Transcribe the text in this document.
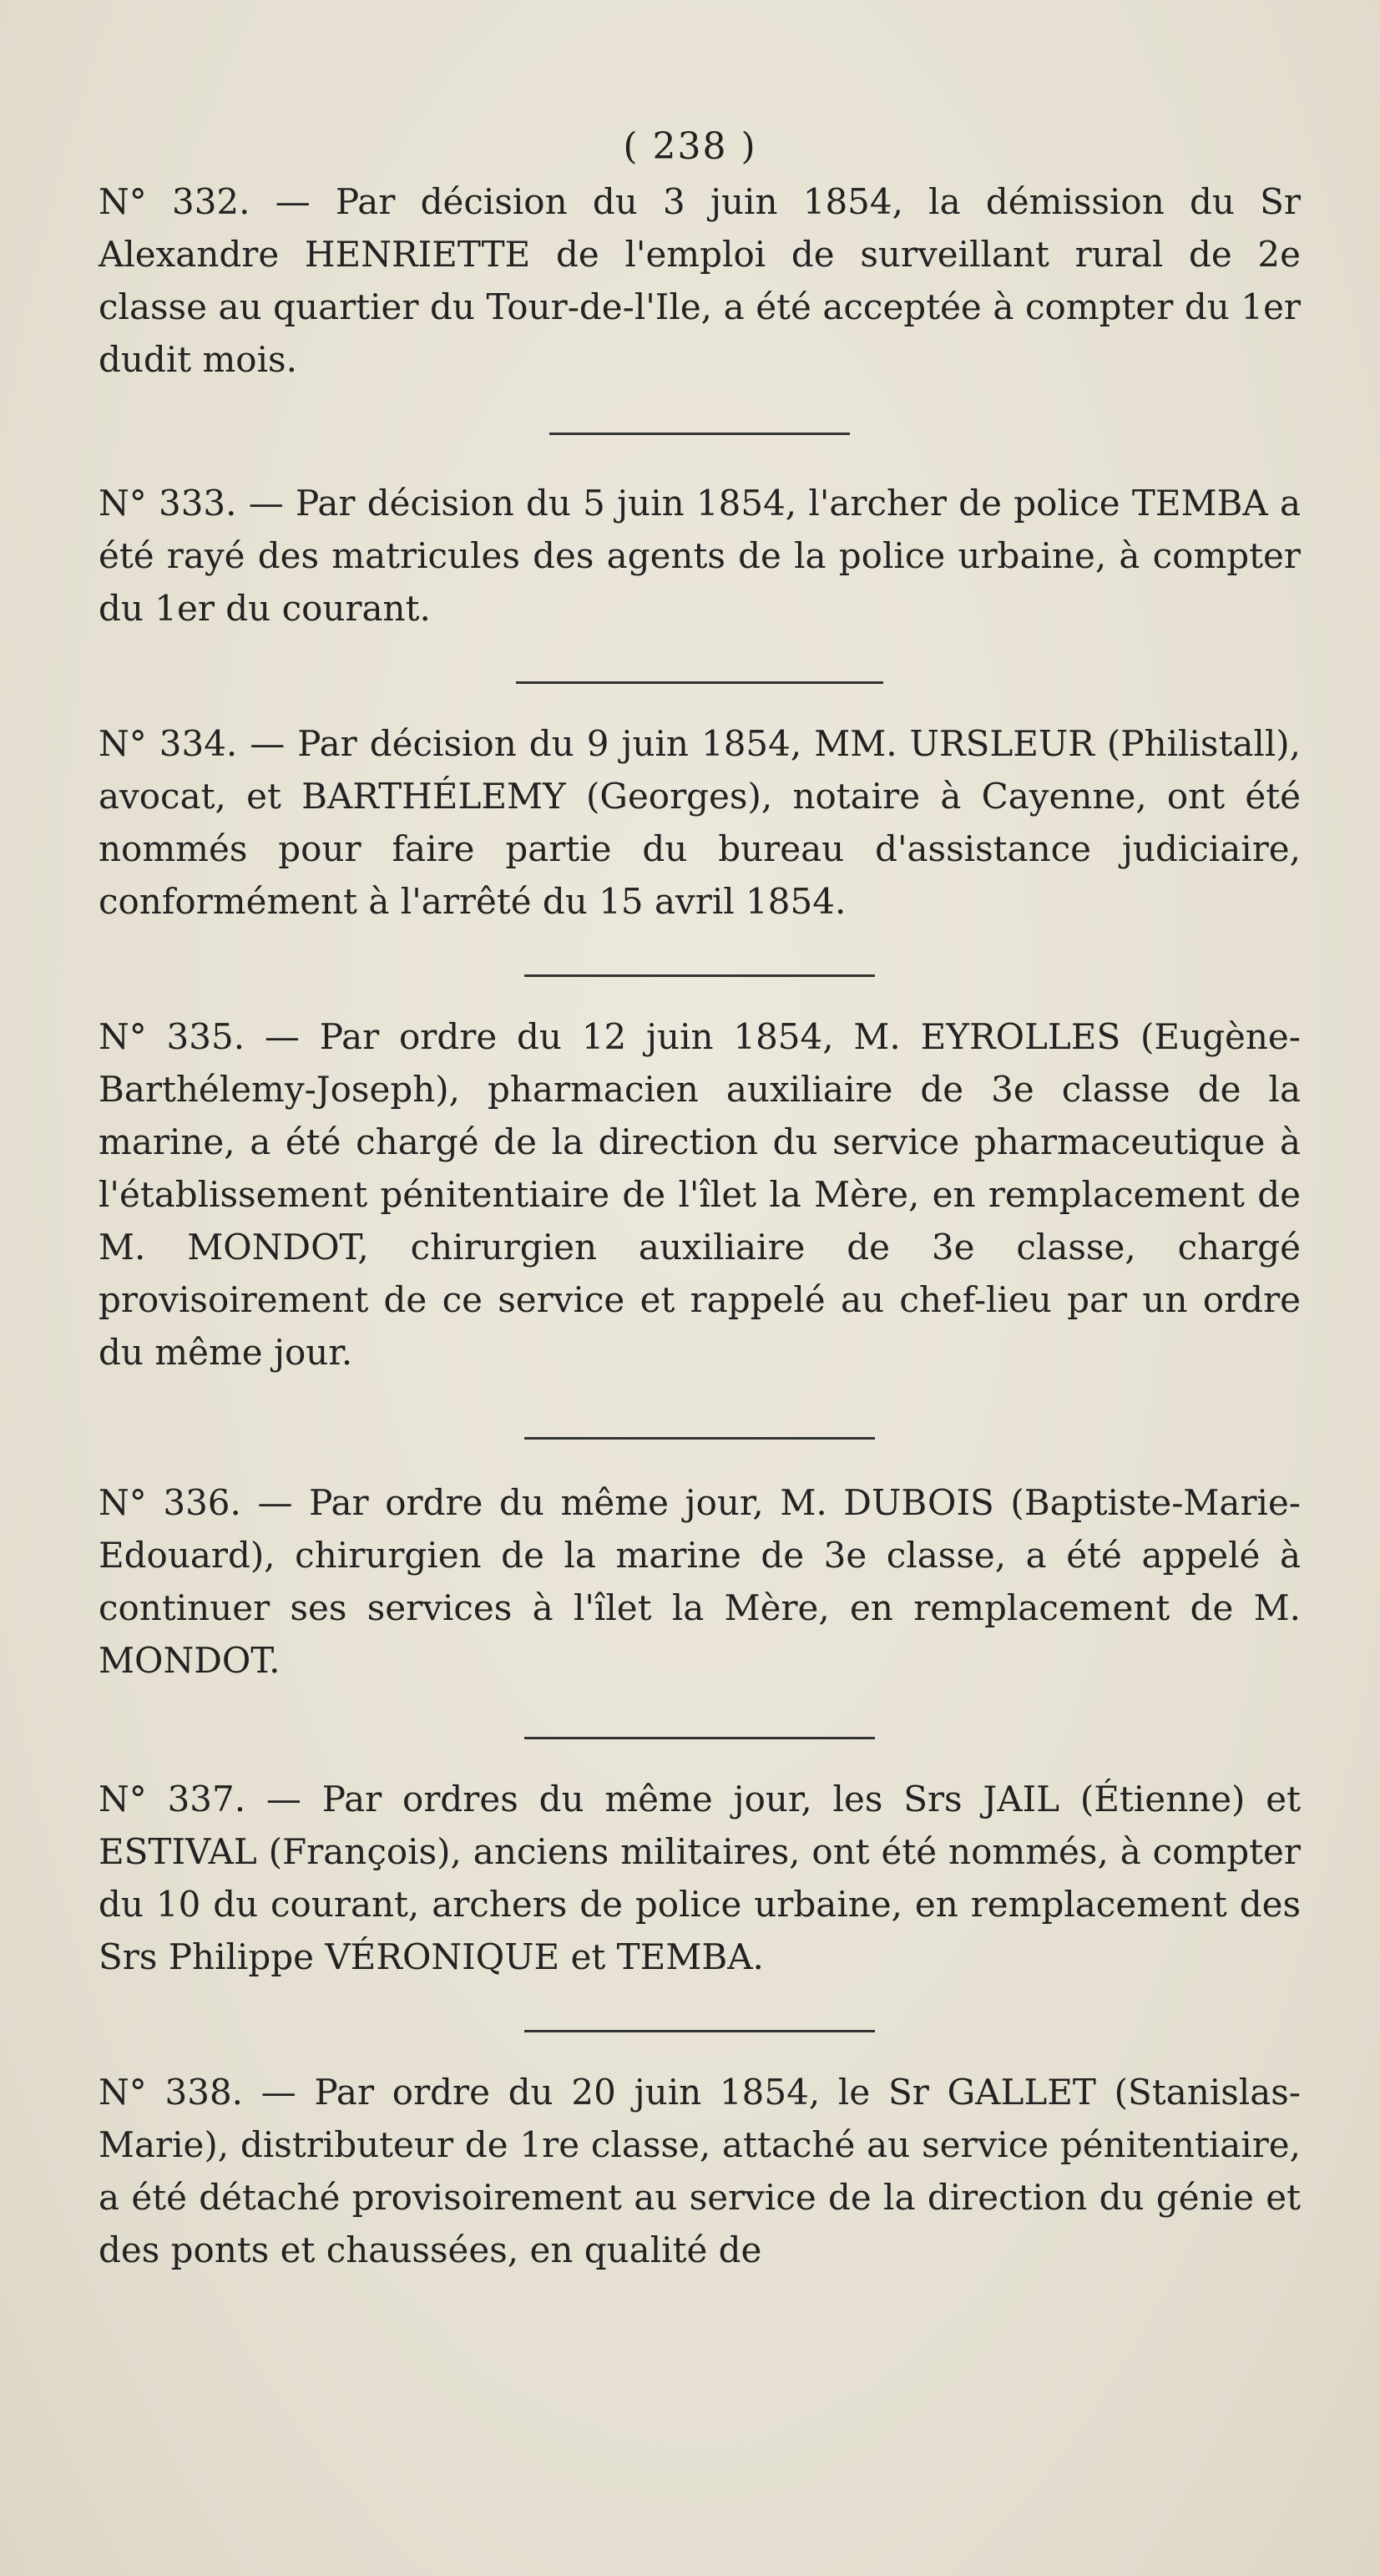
( 238 )

N° 332. — Par décision du 3 juin 1854, la démission du Sr Alexandre HENRIETTE de l'emploi de surveillant rural de 2e classe au quartier du Tour-de-l'Ile, a été acceptée à compter du 1er dudit mois.

N° 333. — Par décision du 5 juin 1854, l'archer de police TEMBA a été rayé des matricules des agents de la police urbaine, à compter du 1er du courant.

N° 334. — Par décision du 9 juin 1854, MM. URSLEUR (Philistall), avocat, et BARTHÉLEMY (Georges), notaire à Cayenne, ont été nommés pour faire partie du bureau d'assistance judiciaire, conformément à l'arrêté du 15 avril 1854.

N° 335. — Par ordre du 12 juin 1854, M. EYROLLES (Eugène-Barthélemy-Joseph), pharmacien auxiliaire de 3e classe de la marine, a été chargé de la direction du service pharmaceutique à l'établissement pénitentiaire de l'îlet la Mère, en remplacement de M. MONDOT, chirurgien auxiliaire de 3e classe, chargé provisoirement de ce service et rappelé au chef-lieu par un ordre du même jour.

N° 336. — Par ordre du même jour, M. DUBOIS (Baptiste-Marie-Edouard), chirurgien de la marine de 3e classe, a été appelé à continuer ses services à l'îlet la Mère, en remplacement de M. MONDOT.

N° 337. — Par ordres du même jour, les Srs JAIL (Étienne) et ESTIVAL (François), anciens militaires, ont été nommés, à compter du 10 du courant, archers de police urbaine, en remplacement des Srs Philippe VÉRONIQUE et TEMBA.

N° 338. — Par ordre du 20 juin 1854, le Sr GALLET (Stanislas-Marie), distributeur de 1re classe, attaché au service pénitentiaire, a été détaché provisoirement au service de la direction du génie et des ponts et chaussées, en qualité de
